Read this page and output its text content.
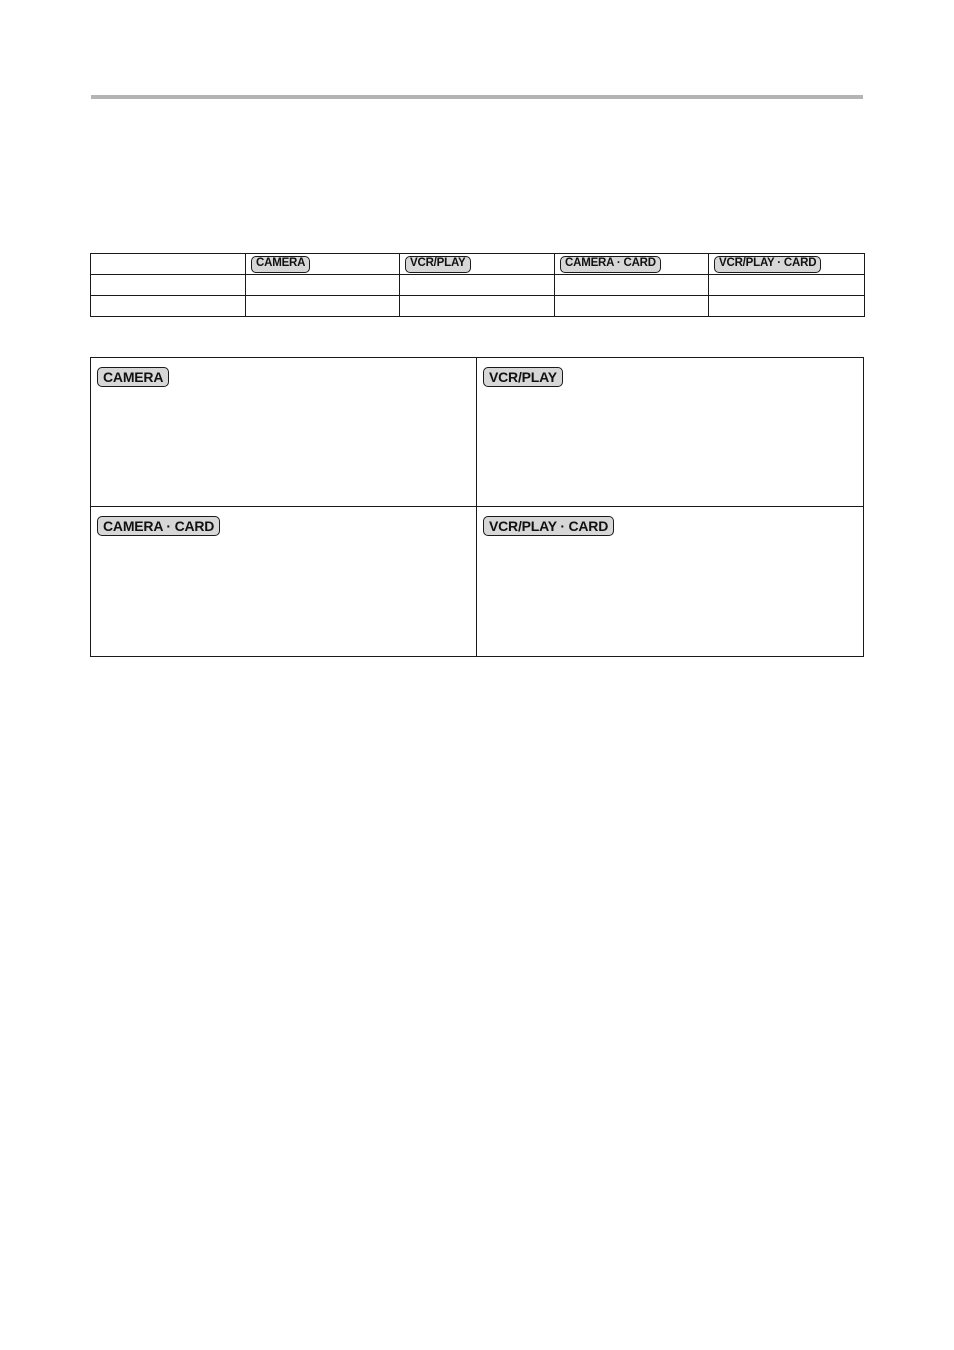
	CAMERA	VCR/PLAY	CAMERA · CARD	VCR/PLAY · CARD

CAMERA	VCR/PLAY
CAMERA · CARD	VCR/PLAY · CARD
